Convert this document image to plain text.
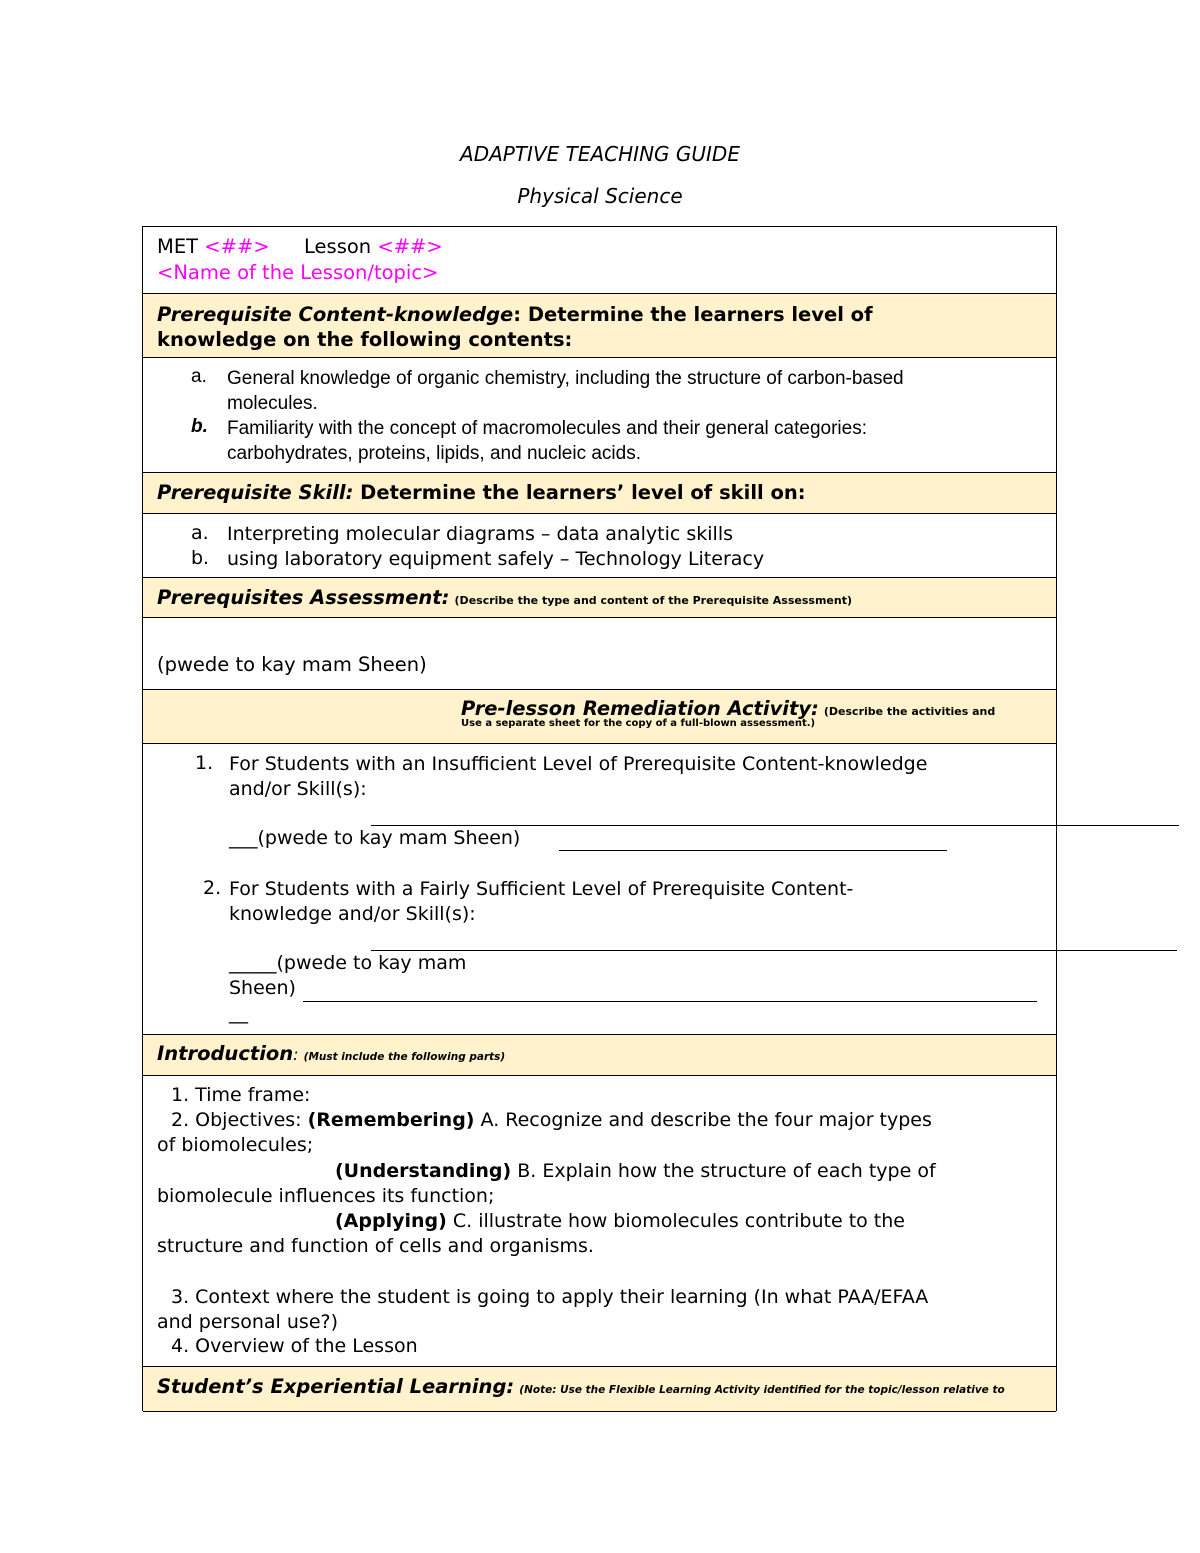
ADAPTIVE TEACHING GUIDE
Physical Science
MET <##> Lesson <##>
<Name of the Lesson/topic>
Prerequisite Content-knowledge: Determine the learners level of
knowledge on the following contents:
a. General knowledge of organic chemistry, including the structure of carbon-based
molecules.
b. Familiarity with the concept of macromolecules and their general categories:
carbohydrates, proteins, lipids, and nucleic acids.
Prerequisite Skill: Determine the learners’ level of skill on:
a. Interpreting molecular diagrams – data analytic skills
b. using laboratory equipment safely – Technology Literacy
Prerequisites Assessment: (Describe the type and content of the Prerequisite Assessment)
(pwede to kay mam Sheen)
Pre-lesson Remediation Activity: (Describe the activities and
Use a separate sheet for the copy of a full-blown assessment.)
1. For Students with an Insufficient Level of Prerequisite Content-knowledge
and/or Skill(s):
___(pwede to kay mam Sheen)
2. For Students with a Fairly Sufficient Level of Prerequisite Content-
knowledge and/or Skill(s):
_____(pwede to kay mam
Sheen)
__
Introduction: (Must include the following parts)
1. Time frame:
2. Objectives: (Remembering) A. Recognize and describe the four major types
of biomolecules;
(Understanding) B. Explain how the structure of each type of
biomolecule influences its function;
(Applying) C. illustrate how biomolecules contribute to the
structure and function of cells and organisms.
3. Context where the student is going to apply their learning (In what PAA/EFAA
and personal use?)
4. Overview of the Lesson
Student’s Experiential Learning: (Note: Use the Flexible Learning Activity identified for the topic/lesson relative to
